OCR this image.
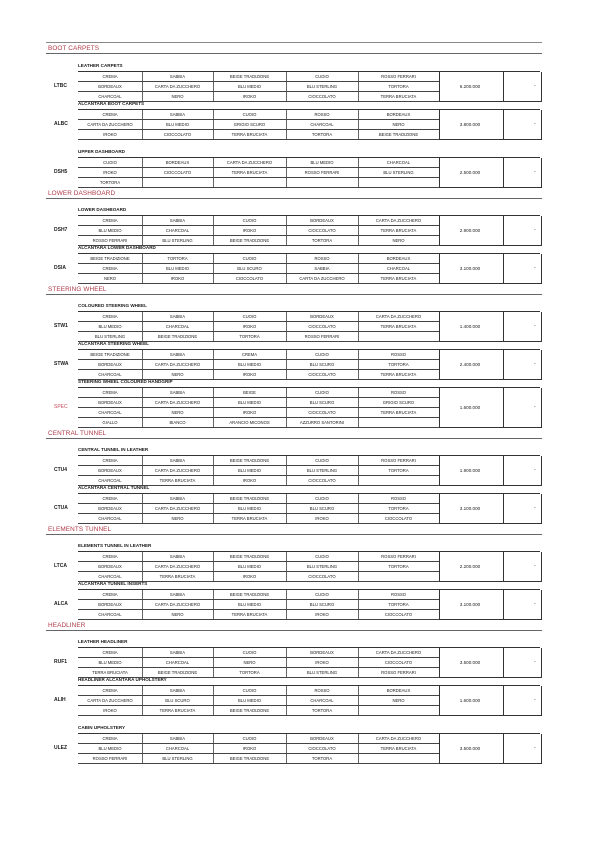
BOOT CARPETS
LEATHER CARPETS
LTBC
CREMA	SABBIA	BEIGE TRADIZIONE	CUOIO	ROSSO FERRARI
BORDEAUX	CARTA DA ZUCCHERO	BLU MEDIO	BLU STERLING	TORTORA
CHARCOAL	NERO	IROKO	CIOCCOLATO	TERRA BRUCIATA
6.200.000	-
ALCANTARA BOOT CARPETS
ALBC
CREMA	SABBIA	CUOIO	ROSSO	BORDEAUX
CARTA DA ZUCCHERO	BLU MEDIO	GRIGIO SCURO	CHARCOAL	NERO
IROKO	CIOCCOLATO	TERRA BRUCIATA	TORTORA	BEIGE TRADIZIONE
3.800.000	-
UPPER DASHBOARD
DSH5
CUOIO	BORDEAUX	CARTA DA ZUCCHERO	BLU MEDIO	CHARCOAL
IROKO	CIOCCOLATO	TERRA BRUCIATA	ROSSO FERRARI	BLU STERLING
TORTORA
2.500.000	-
LOWER DASHBOARD
LOWER DASHBOARD
DSH7
CREMA	SABBIA	CUOIO	BORDEAUX	CARTA DA ZUCCHERO
BLU MEDIO	CHARCOAL	IROKO	CIOCCOLATO	TERRA BRUCIATA
ROSSO FERRARI	BLU STERLING	BEIGE TRADIZIONE	TORTORA	NERO
2.900.000	-
ALCANTARA LOWER DASHBOARD
DSIA
BEIGE TRADIZIONE	TORTORA	CUOIO	ROSSO	BORDEAUX
CREMA	BLU MEDIO	BLU SCURO	SABBIA	CHARCOAL
NERO	IROKO	CIOCCOLATO	CARTA DA ZUCCHERO	TERRA BRUCIATA
3.100.000	-
STEERING WHEEL
COLOURED STEERING WHEEL
STW1
CREMA	SABBIA	CUOIO	BORDEAUX	CARTA DA ZUCCHERO
BLU MEDIO	CHARCOAL	IROKO	CIOCCOLATO	TERRA BRUCIATA
BLU STERLING	BEIGE TRADIZIONE	TORTORA	ROSSO FERRARI
1.400.000	-
ALCANTARA STEERING WHEEL
STWA
BEIGE TRADIZIONE	SABBIA	CREMA	CUOIO	ROSSO
BORDEAUX	CARTA DA ZUCCHERO	BLU MEDIO	BLU SCURO	TORTORA
CHARCOAL	NERO	IROKO	CIOCCOLATO	TERRA BRUCIATA
2.400.000	-
STEERING WHEEL COLOURED HANDGRIP
SPEC
CREMA	SABBIA	BEIGE	CUOIO	ROSSO
BORDEAUX	CARTA DA ZUCCHERO	BLU MEDIO	BLU SCURO	GRIGIO SCURO
CHARCOAL	NERO	IROKO	CIOCCOLATO	TERRA BRUCIATA
GIALLO	BIANCO	ARANCIO MICONOS	AZZURRO SANTORINI
1.600.000	-
CENTRAL TUNNEL
CENTRAL TUNNEL IN LEATHER
CTU4
CREMA	SABBIA	BEIGE TRADIZIONE	CUOIO	ROSSO FERRARI
BORDEAUX	CARTA DA ZUCCHERO	BLU MEDIO	BLU STERLING	TORTORA
CHARCOAL	TERRA BRUCIATA	IROKO	CIOCCOLATO
1.900.000	-
ALCANTARA CENTRAL TUNNEL
CTUA
CREMA	SABBIA	BEIGE TRADIZIONE	CUOIO	ROSSO
BORDEAUX	CARTA DA ZUCCHERO	BLU MEDIO	BLU SCURO	TORTORA
CHARCOAL	NERO	TERRA BRUCIATA	IROKO	CIOCCOLATO
3.100.000	-
ELEMENTS TUNNEL
ELEMENTS TUNNEL IN LEATHER
LTCA
CREMA	SABBIA	BEIGE TRADIZIONE	CUOIO	ROSSO FERRARI
BORDEAUX	CARTA DA ZUCCHERO	BLU MEDIO	BLU STERLING	TORTORA
CHARCOAL	TERRA BRUCIATA	IROKO	CIOCCOLATO
2.200.000	-
ALCANTARA TUNNEL INSERTS
ALCA
CREMA	SABBIA	BEIGE TRADIZIONE	CUOIO	ROSSO
BORDEAUX	CARTA DA ZUCCHERO	BLU MEDIO	BLU SCURO	TORTORA
CHARCOAL	NERO	TERRA BRUCIATA	IROKO	CIOCCOLATO
3.100.000	-
HEADLINER
LEATHER HEADLINER
RUF1
CREMA	SABBIA	CUOIO	BORDEAUX	CARTA DA ZUCCHERO
BLU MEDIO	CHARCOAL	NERO	IROKO	CIOCCOLATO
TERRA BRUCIATA	BEIGE TRADIZIONE	TORTORA	BLU STERLING	ROSSO FERRARI
3.500.000	-
HEADLINER ALCANTARA UPHOLSTERY
ALIH
CREMA	SABBIA	CUOIO	ROSSO	BORDEAUX
CARTA DA ZUCCHERO	BLU SCURO	BLU MEDIO	CHARCOAL	NERO
IROKO	TERRA BRUCIATA	BEIGE TRADIZIONE	TORTORA
1.600.000	-
CABIN UPHOLSTERY
ULEZ
CREMA	SABBIA	CUOIO	BORDEAUX	CARTA DA ZUCCHERO
BLU MEDIO	CHARCOAL	IROKO	CIOCCOLATO	TERRA BRUCIATA
ROSSO FERRARI	BLU STERLING	BEIGE TRADIZIONE	TORTORA
3.500.000	-
